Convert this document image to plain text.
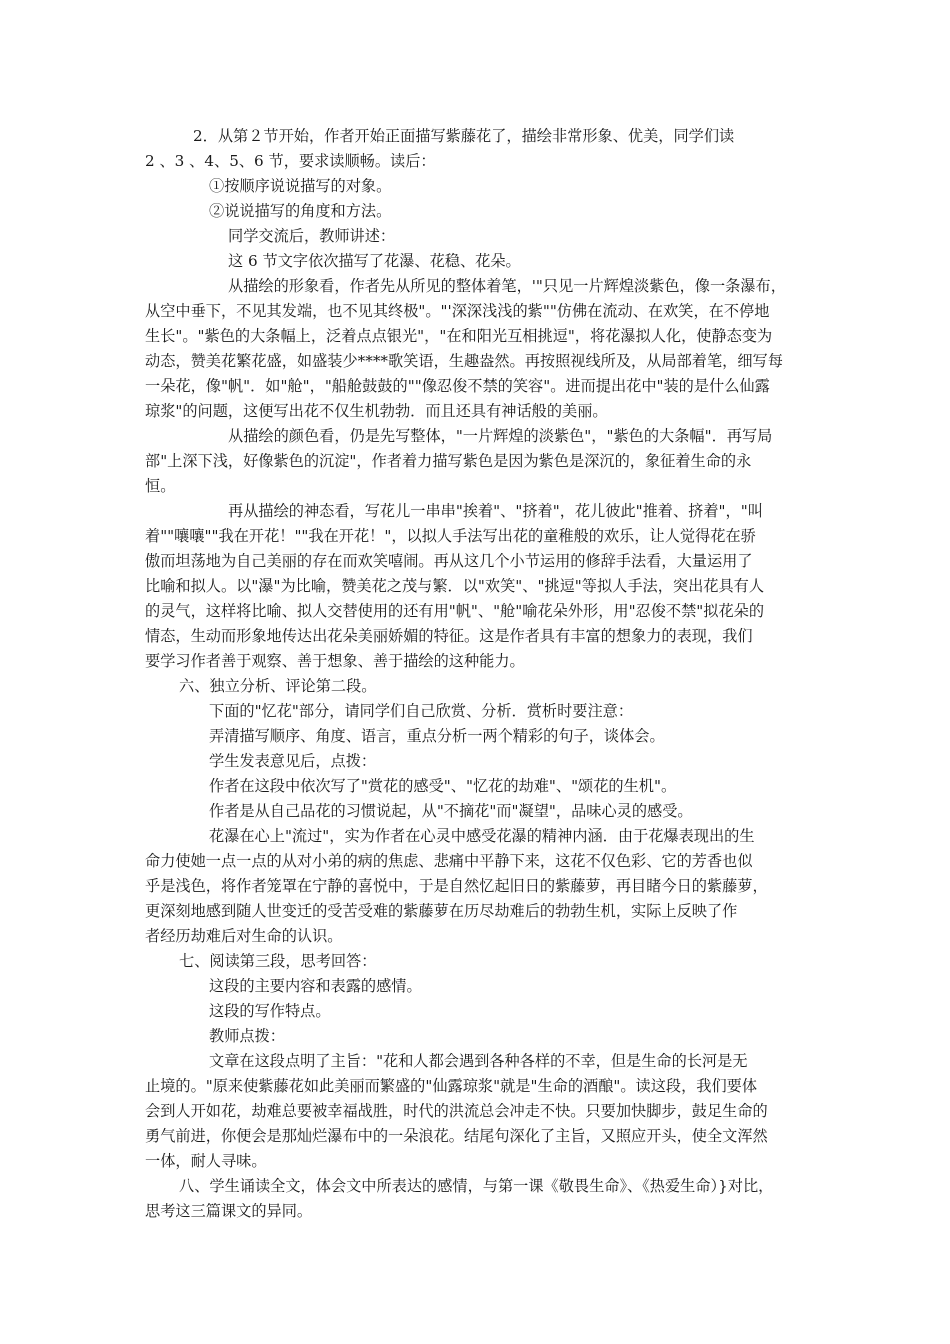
2．从第２节开始，作者开始正面描写紫藤花了，描绘非常形象、优美，同学们读
2 、3 、4、5、6 节，要求读顺畅。读后：
①按顺序说说描写的对象。
②说说描写的角度和方法。
同学交流后，教师讲述：
这 6 节文字依次描写了花瀑、花稳、花朵。
从描绘的形象看，作者先从所见的整体着笔，'"只见一片辉煌淡紫色，像一条瀑布，
从空中垂下，不见其发端，也不见其终极"。"'深深浅浅的紫""仿佛在流动、在欢笑，在不停地
生长"。"紫色的大条幅上，泛着点点银光"，"在和阳光互相挑逗"，将花瀑拟人化，使静态变为
动态，赞美花繁花盛，如盛装少****歌笑语，生趣盎然。再按照视线所及，从局部着笔，细写每
一朵花，像"帆"．如"舱"，"船舱鼓鼓的""像忍俊不禁的笑容"。进而提出花中"装的是什么仙露
琼浆"的问题，这便写出花不仅生机勃勃．而且还具有神话般的美丽。
从描绘的颜色看，仍是先写整体，"一片辉煌的淡紫色"，"紫色的大条幅"．再写局
部"上深下浅，好像紫色的沉淀"，作者着力描写紫色是因为紫色是深沉的，象征着生命的永
恒。
再从描绘的神态看，写花儿一串串"挨着"、"挤着"，花儿彼此"推着、挤着"，"叫
着""嚷嚷""我在开花！""我在开花！"，以拟人手法写出花的童稚般的欢乐，让人觉得花在骄
傲而坦荡地为自己美丽的存在而欢笑嘻闹。再从这几个小节运用的修辞手法看，大量运用了
比喻和拟人。以"瀑"为比喻，赞美花之茂与繁．以"欢笑"、"挑逗"等拟人手法，突出花具有人
的灵气，这样将比喻、拟人交替使用的还有用"帆"、"舱"喻花朵外形，用"忍俊不禁"拟花朵的
情态，生动而形象地传达出花朵美丽娇媚的特征。这是作者具有丰富的想象力的表现，我们
要学习作者善于观察、善于想象、善于描绘的这种能力。
六、独立分析、评论第二段。
下面的"忆花"部分，请同学们自己欣赏、分析．赏析时要注意：
弄清描写顺序、角度、语言，重点分析一两个精彩的句子，谈体会。
学生发表意见后，点拨：
作者在这段中依次写了"赏花的感受"、"忆花的劫难"、"颂花的生机"。
作者是从自己品花的习惯说起，从"不摘花"而"凝望"，品味心灵的感受。
花瀑在心上"流过"，实为作者在心灵中感受花瀑的精神内涵．由于花爆表现出的生
命力使她一点一点的从对小弟的病的焦虑、悲痛中平静下来，这花不仅色彩、它的芳香也似
乎是浅色，将作者笼罩在宁静的喜悦中，于是自然忆起旧日的紫藤萝，再目睹今日的紫藤萝，
更深刻地感到随人世变迁的受苦受难的紫藤萝在历尽劫难后的勃勃生机，实际上反映了作
者经历劫难后对生命的认识。
七、阅读第三段，思考回答：
这段的主要内容和表露的感情。
这段的写作特点。
教师点拨：
文章在这段点明了主旨："花和人都会遇到各种各样的不幸，但是生命的长河是无
止境的。"原来使紫藤花如此美丽而繁盛的"仙露琼浆"就是"生命的酒酿"。读这段，我们要体
会到人开如花，劫难总要被幸福战胜，时代的洪流总会冲走不快。只要加快脚步，鼓足生命的
勇气前进，你便会是那灿烂瀑布中的一朵浪花。结尾句深化了主旨，又照应开头，使全文浑然
一体，耐人寻味。
八、学生诵读全文，体会文中所表达的感情，与第一课《敬畏生命》、《热爱生命）}对比，
思考这三篇课文的异同。
